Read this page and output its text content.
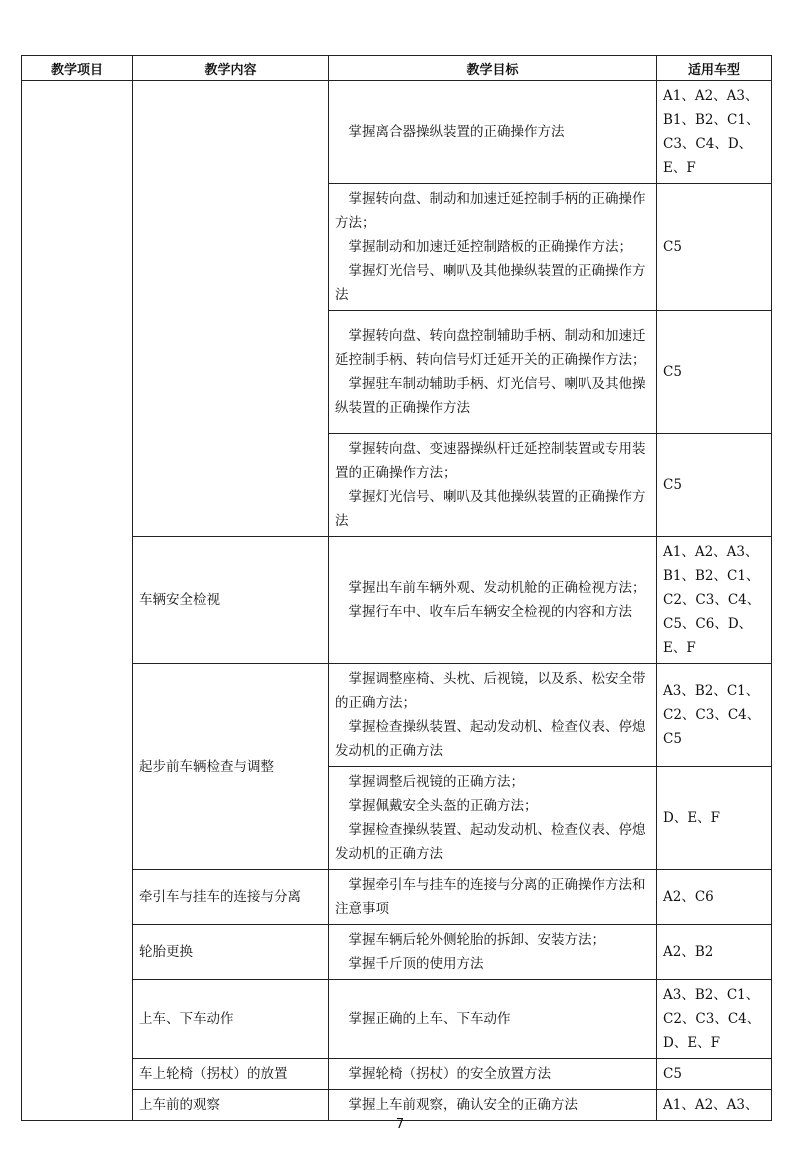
教学项目	教学内容	教学目标	适用车型

		掌握离合器操纵装置的正确操作方法	A1、A2、A3、B1、B2、C1、C3、C4、D、E、F

		掌握转向盘、制动和加速迁延控制手柄的正确操作方法；
掌握制动和加速迁延控制踏板的正确操作方法；
掌握灯光信号、喇叭及其他操纵装置的正确操作方法	C5

		掌握转向盘、转向盘控制辅助手柄、制动和加速迁延控制手柄、转向信号灯迁延开关的正确操作方法；
掌握驻车制动辅助手柄、灯光信号、喇叭及其他操纵装置的正确操作方法	C5

		掌握转向盘、变速器操纵杆迁延控制装置或专用装置的正确操作方法；
掌握灯光信号、喇叭及其他操纵装置的正确操作方法	C5
	车辆安全检视	掌握出车前车辆外观、发动机舱的正确检视方法；
掌握行车中、收车后车辆安全检视的内容和方法	A1、A2、A3、B1、B2、C1、C2、C3、C4、C5、C6、D、E、F
	起步前车辆检查与调整	掌握调整座椅、头枕、后视镜，以及系、松安全带的正确方法；
掌握检查操纵装置、起动发动机、检查仪表、停熄发动机的正确方法	A3、B2、C1、C2、C3、C4、C5

		掌握调整后视镜的正确方法；
掌握佩戴安全头盔的正确方法；
掌握检查操纵装置、起动发动机、检查仪表、停熄发动机的正确方法	D、E、F
	牵引车与挂车的连接与分离	掌握牵引车与挂车的连接与分离的正确操作方法和注意事项	A2、C6
	轮胎更换	掌握车辆后轮外侧轮胎的拆卸、安装方法；
掌握千斤顶的使用方法	A2、B2
	上车、下车动作	掌握正确的上车、下车动作	A3、B2、C1、C2、C3、C4、D、E、F
	车上轮椅（拐杖）的放置	掌握轮椅（拐杖）的安全放置方法	C5
	上车前的观察	掌握上车前观察，确认安全的正确方法	A1、A2、A3、
7
